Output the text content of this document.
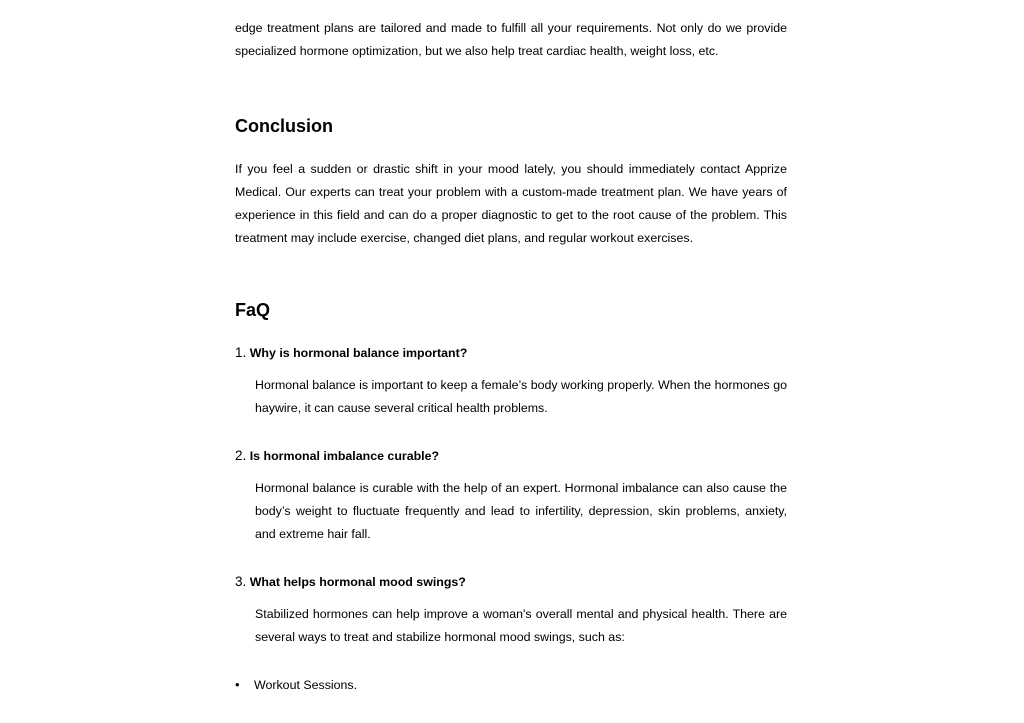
edge treatment plans are tailored and made to fulfill all your requirements. Not only do we provide specialized hormone optimization, but we also help treat cardiac health, weight loss, etc.

Conclusion

If you feel a sudden or drastic shift in your mood lately, you should immediately contact Apprize Medical. Our experts can treat your problem with a custom-made treatment plan. We have years of experience in this field and can do a proper diagnostic to get to the root cause of the problem. This treatment may include exercise, changed diet plans, and regular workout exercises.

FaQ

1. Why is hormonal balance important?

Hormonal balance is important to keep a female’s body working properly. When the hormones go haywire, it can cause several critical health problems.

2. Is hormonal imbalance curable?

Hormonal balance is curable with the help of an expert. Hormonal imbalance can also cause the body’s weight to fluctuate frequently and lead to infertility, depression, skin problems, anxiety, and extreme hair fall.

3. What helps hormonal mood swings?

Stabilized hormones can help improve a woman's overall mental and physical health. There are several ways to treat and stabilize hormonal mood swings, such as:

• Workout Sessions.
